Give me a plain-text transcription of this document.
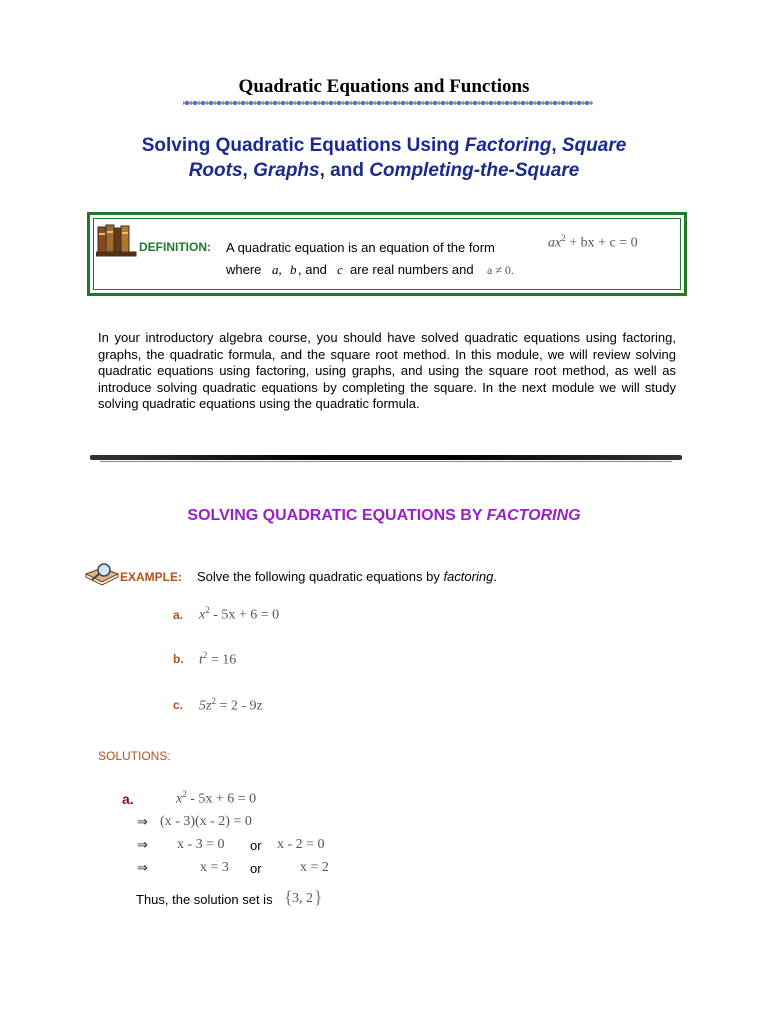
Quadratic Equations and Functions
Solving Quadratic Equations Using Factoring, Square
Roots, Graphs, and Completing-the-Square
DEFINITION: A quadratic equation is an equation of the form	$ax^2$ + bx + c = 0
where a, b , and c are real numbers and a ≠ 0.
In your introductory algebra course, you should have solved quadratic equations using factoring, graphs, the quadratic formula, and the square root method. In this module, we will review solving quadratic equations using factoring, using graphs, and using the square root method, as well as introduce solving quadratic equations by completing the square. In the next module we will study solving quadratic equations using the quadratic formula.
SOLVING QUADRATIC EQUATIONS BY FACTORING
EXAMPLE: Solve the following quadratic equations by factoring.
a. $x^2 - 5x + 6 = 0$
b. $t^2 = 16$
c. $5z^2 = 2 - 9z$
SOLUTIONS:
a.	$x^2 - 5x + 6 = 0$
⇒ (x - 3)(x - 2) = 0
⇒ x - 3 = 0 or x - 2 = 0
⇒	x = 3 or	x = 2
Thus, the solution set is { 3, 2 }
